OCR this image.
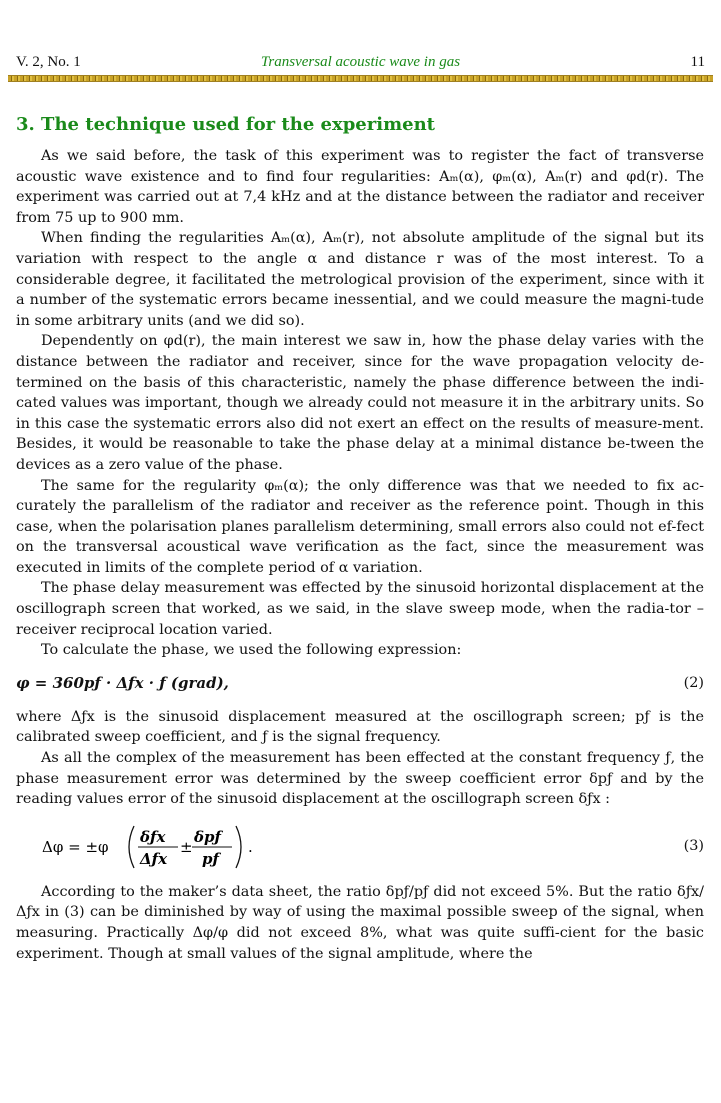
V. 2, No. 1	Transversal acoustic wave in gas	11
3. The technique used for the experiment

As we said before, the task of this experiment was to register the fact of transverse acoustic wave existence and to find four regularities: Aₘ(α), φₘ(α), Aₘ(r) and φd(r). The experiment was carried out at 7,4 kHz and at the distance between the radiator and receiver from 75 up to 900 mm.

When finding the regularities Aₘ(α), Aₘ(r), not absolute amplitude of the signal but its variation with respect to the angle α and distance r was of the most interest. To a considerable degree, it facilitated the metrological provision of the experiment, since with it a number of the systematic errors became inessential, and we could measure the magni-tude in some arbitrary units (and we did so).

Dependently on φd(r), the main interest we saw in, how the phase delay varies with the distance between the radiator and receiver, since for the wave propagation velocity de-termined on the basis of this characteristic, namely the phase difference between the indi-cated values was important, though we already could not measure it in the arbitrary units. So in this case the systematic errors also did not exert an effect on the results of measure-ment. Besides, it would be reasonable to take the phase delay at a minimal distance be-tween the devices as a zero value of the phase.

The same for the regularity φₘ(α); the only difference was that we needed to fix ac-curately the parallelism of the radiator and receiver as the reference point. Though in this case, when the polarisation planes parallelism determining, small errors also could not ef-fect on the transversal acoustical wave verification as the fact, since the measurement was executed in limits of the complete period of α variation.

The phase delay measurement was effected by the sinusoid horizontal displacement at the oscillograph screen that worked, as we said, in the slave sweep mode, when the radia-tor – receiver reciprocal location varied.

To calculate the phase, we used the following expression:

φ = 360pƒ · Δƒx · ƒ (grad),	(2)

where Δƒx is the sinusoid displacement measured at the oscillograph screen; pƒ is the calibrated sweep coefficient, and ƒ is the signal frequency.

As all the complex of the measurement has been effected at the constant frequency ƒ, the phase measurement error was determined by the sweep coefficient error δpƒ and by the reading values error of the sinusoid displacement at the oscillograph screen δƒx :

Δφ = ±φ
δƒx
Δƒx
±
δpƒ
pƒ
.	(3)

According to the maker’s data sheet, the ratio δpƒ/pƒ did not exceed 5%. But the ratio δƒx/Δƒx in (3) can be diminished by way of using the maximal possible sweep of the signal, when measuring. Practically Δφ/φ did not exceed 8%, what was quite suffi-cient for the basic experiment. Though at small values of the signal amplitude, where the
